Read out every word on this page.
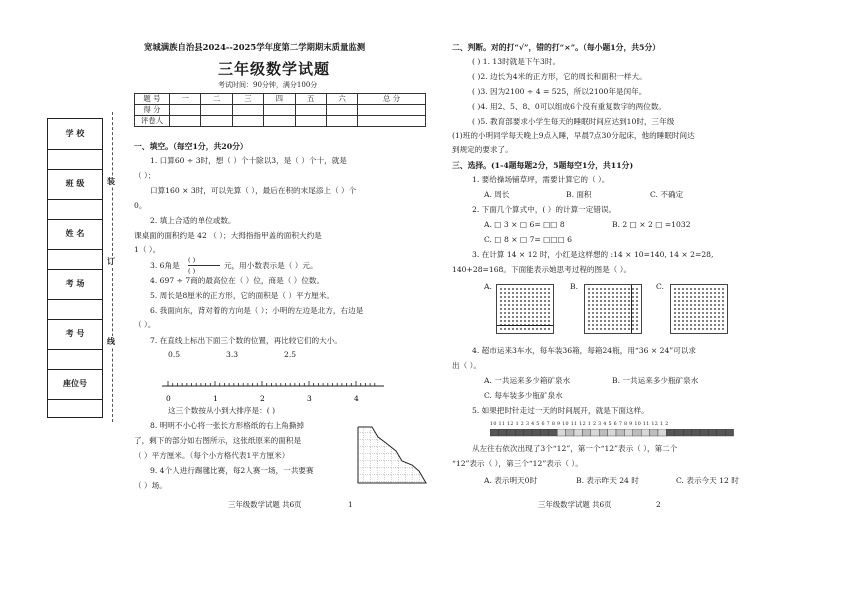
学 校
班 级
姓 名
考 场
考 号
座位号
装
订
线
宽城满族自治县2024--2025学年度第二学期期末质量监测
三年级数学试题
考试时间：90分钟，满分100分
题 号	一	二	三	四	五	六	总 分
得 分							
评卷人							
一、填空。（每空1分，共20分）
1. 口算60 ÷ 3时，想（ ）个十除以3，是（ ）个十，就是
（ ）；
口算160 × 3时，可以先算（ ），最后在积的末尾添上（ ）个
0。
2. 填上合适的单位或数。
课桌面的面积约是 42 （ ）；大拇指指甲盖的面积大约是
1（ ）。
3. 6角是
( )
( )
元，用小数表示是（ ）元。
4. 697 ÷ 7商的最高位在（ ）位，商是（ ）位数。
5. 周长是8厘米的正方形，它的面积是（ ）平方厘米。
6. 我面向东，背对着的方向是（ ）；小明的左边是北方，右边是
（ ）。
7. 在直线上标出下面三个数的位置，再比较它们的大小。
0.5	3.3	2.5
0	1	2	3	4
这三个数按从小到大排序是：( )
8. 明明不小心将一张长方形格纸的右上角撕掉
了，剩下的部分如右图所示，这张纸原来的面积是
（ ）平方厘米。（每个小方格代表1平方厘米）
9. 4个人进行踢毽比赛，每2人赛一场，一共要赛
（ ）场。
三年级数学试题 共6页	1
二、判断。对的打“√”，错的打“×”。（每小题1分，共5分）
( ) 1. 13时就是下午3时。
( )2. 边长为4米的正方形，它的周长和面积一样大。
( )3. 因为2100 ÷ 4 = 525，所以2100年是闰年。
( )4. 用2、5、8、0可以组成6个没有重复数字的两位数。
( )5. 教育部要求小学生每天的睡眠时间应达到10时，三年级
(1)班的小明同学每天晚上9点入睡，早晨7点30分起床，他的睡眠时间达
到规定的要求了。
三、选择。(1-4题每题2分，5题每空1分，共11分)
1. 要给操场铺草坪，需要计算它的（ ）。
A. 周长	B. 面积	C. 不确定
2. 下面几个算式中，( ）的计算一定错误。
A. □ 3 × □ 6= □□ 8	B. 2 □ × 2 □ =1032
C. □ 8 × □ 7= □□□ 6
3. 在计算 14 × 12 时，小红是这样想的 :14 × 10=140, 14 × 2=28,
140+28=168。下面能表示她思考过程的图是（ ）。
A.	B.	C.
4. 超市运来3车水，每车装36箱，每箱24瓶，用“36 × 24”可以求
出（ ）。
A. 一共运来多少箱矿泉水	B. 一共运来多少瓶矿泉水
C. 每车装多少瓶矿泉水
5. 如果把时针走过一天的时间展开，就是下面这样。
10 11 12 1 2 3 4 5 6 7 8 9 10 11 12 1 2 3 4 5 6 7 8 9 10 11 12 1 2
从左往右依次出现了3个“12”，第一个“12”表示（ ），第二个
“12”表示（ ），第三个“12”表示（ ）。
A. 表示明天0时	B. 表示昨天 24 时	C. 表示今天 12 时
三年级数学试题 共6页	2
